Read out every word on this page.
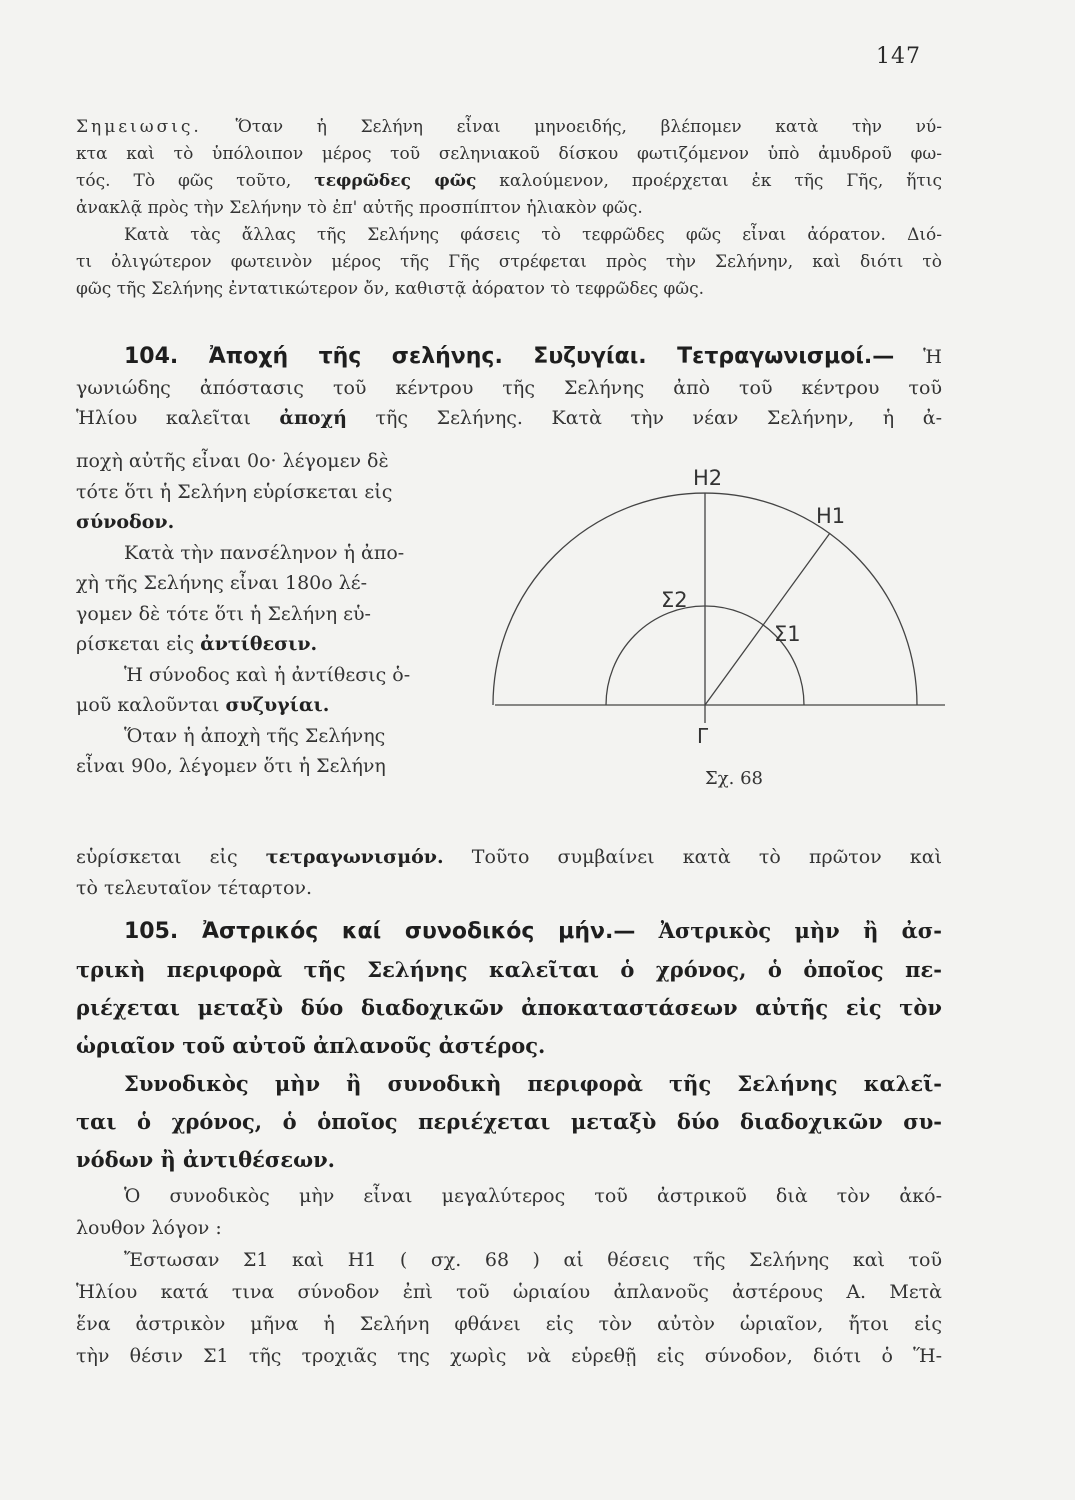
147
Σημειωσις. Ὅταν ἡ Σελήνη εἶναι μηνοειδής, βλέπομεν κατὰ τὴν νύ-
κτα καὶ τὸ ὑπόλοιπον μέρος τοῦ σεληνιακοῦ δίσκου φωτιζόμενον ὑπὸ ἀμυδροῦ φω-
τός. Τὸ φῶς τοῦτο, τεφρῶδες φῶς καλούμενον, προέρχεται ἐκ τῆς Γῆς, ἥτις
ἀνακλᾷ πρὸς τὴν Σελήνην τὸ ἐπ' αὐτῆς προσπίπτον ἡλιακὸν φῶς.
Κατὰ τὰς ἄλλας τῆς Σελήνης φάσεις τὸ τεφρῶδες φῶς εἶναι ἀόρατον. Διό-
τι ὀλιγώτερον φωτεινὸν μέρος τῆς Γῆς στρέφεται πρὸς τὴν Σελήνην, καὶ διότι τὸ
φῶς τῆς Σελήνης ἐντατικώτερον ὄν, καθιστᾷ ἀόρατον τὸ τεφρῶδες φῶς.
104. Ἀποχή τῆς σελήνης. Συζυγίαι. Τετραγωνισμοί.— Ἡ
γωνιώδης ἀπόστασις τοῦ κέντρου τῆς Σελήνης ἀπὸ τοῦ κέντρου τοῦ
Ἡλίου καλεῖται ἀποχή τῆς Σελήνης. Κατὰ τὴν νέαν Σελήνην, ἡ ἀ-
ποχὴ αὐτῆς εἶναι 0ο· λέγομεν δὲ
τότε ὅτι ἡ Σελήνη εὑρίσκεται εἰς
σύνοδον.
Κατὰ τὴν πανσέληνον ἡ ἀπο-
χὴ τῆς Σελήνης εἶναι 180ο λέ-
γομεν δὲ τότε ὅτι ἡ Σελήνη εὑ-
ρίσκεται εἰς ἀντίθεσιν.
Ἡ σύνοδος καὶ ἡ ἀντίθεσις ὁ-
μοῦ καλοῦνται συζυγίαι.
Ὅταν ἡ ἀποχὴ τῆς Σελήνης
εἶναι 90ο, λέγομεν ὅτι ἡ Σελήνη
εὑρίσκεται εἰς τετραγωνισμόν. Τοῦτο συμβαίνει κατὰ τὸ πρῶτον καὶ
τὸ τελευταῖον τέταρτον.
H2
H1
Σ2
Σ1
Γ
Σχ. 68
105. Ἀστρικός καί συνοδικός μήν.— Ἀστρικὸς μὴν ἢ ἀσ-
τρικὴ περιφορὰ τῆς Σελήνης καλεῖται ὁ χρόνος, ὁ ὁποῖος πε-
ριέχεται μεταξὺ δύο διαδοχικῶν ἀποκαταστάσεων αὐτῆς εἰς τὸν
ὡριαῖον τοῦ αὐτοῦ ἀπλανοῦς ἀστέρος.
Συνοδικὸς μὴν ἢ συνοδικὴ περιφορὰ τῆς Σελήνης καλεῖ-
ται ὁ χρόνος, ὁ ὁποῖος περιέχεται μεταξὺ δύο διαδοχικῶν συ-
νόδων ἢ ἀντιθέσεων.
Ὁ συνοδικὸς μὴν εἶναι μεγαλύτερος τοῦ ἀστρικοῦ διὰ τὸν ἀκό-
λουθον λόγον :
Ἔστωσαν Σ1 καὶ Η1 ( σχ. 68 ) αἱ θέσεις τῆς Σελήνης καὶ τοῦ
Ἡλίου κατά τινα σύνοδον ἐπὶ τοῦ ὡριαίου ἀπλανοῦς ἀστέρους Α. Μετὰ
ἕνα ἀστρικὸν μῆνα ἡ Σελήνη φθάνει εἰς τὸν αὐτὸν ὡριαῖον, ἤτοι εἰς
τὴν θέσιν Σ1 τῆς τροχιᾶς της χωρὶς νὰ εὑρεθῇ εἰς σύνοδον, διότι ὁ Ἥ-
